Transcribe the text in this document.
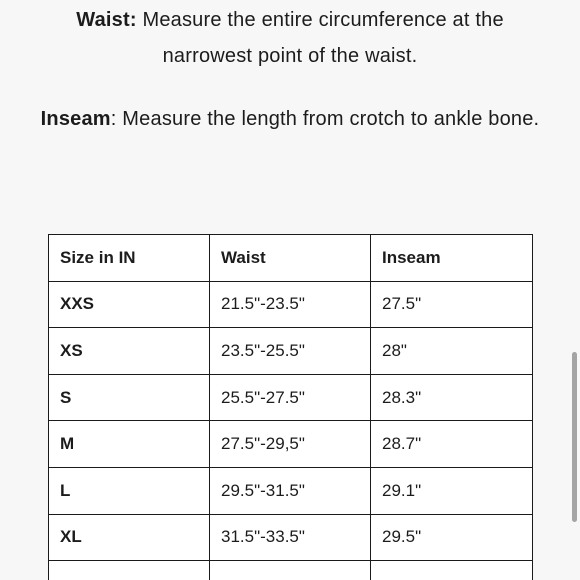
Waist: Measure the entire circumference at the narrowest point of the waist.

Inseam: Measure the length from crotch to ankle bone.

Size in IN	Waist	Inseam
XXS	21.5"-23.5"	27.5"
XS	23.5"-25.5"	28"
S	25.5"-27.5"	28.3"
M	27.5"-29,5"	28.7"
L	29.5"-31.5"	29.1"
XL	31.5"-33.5"	29.5"
